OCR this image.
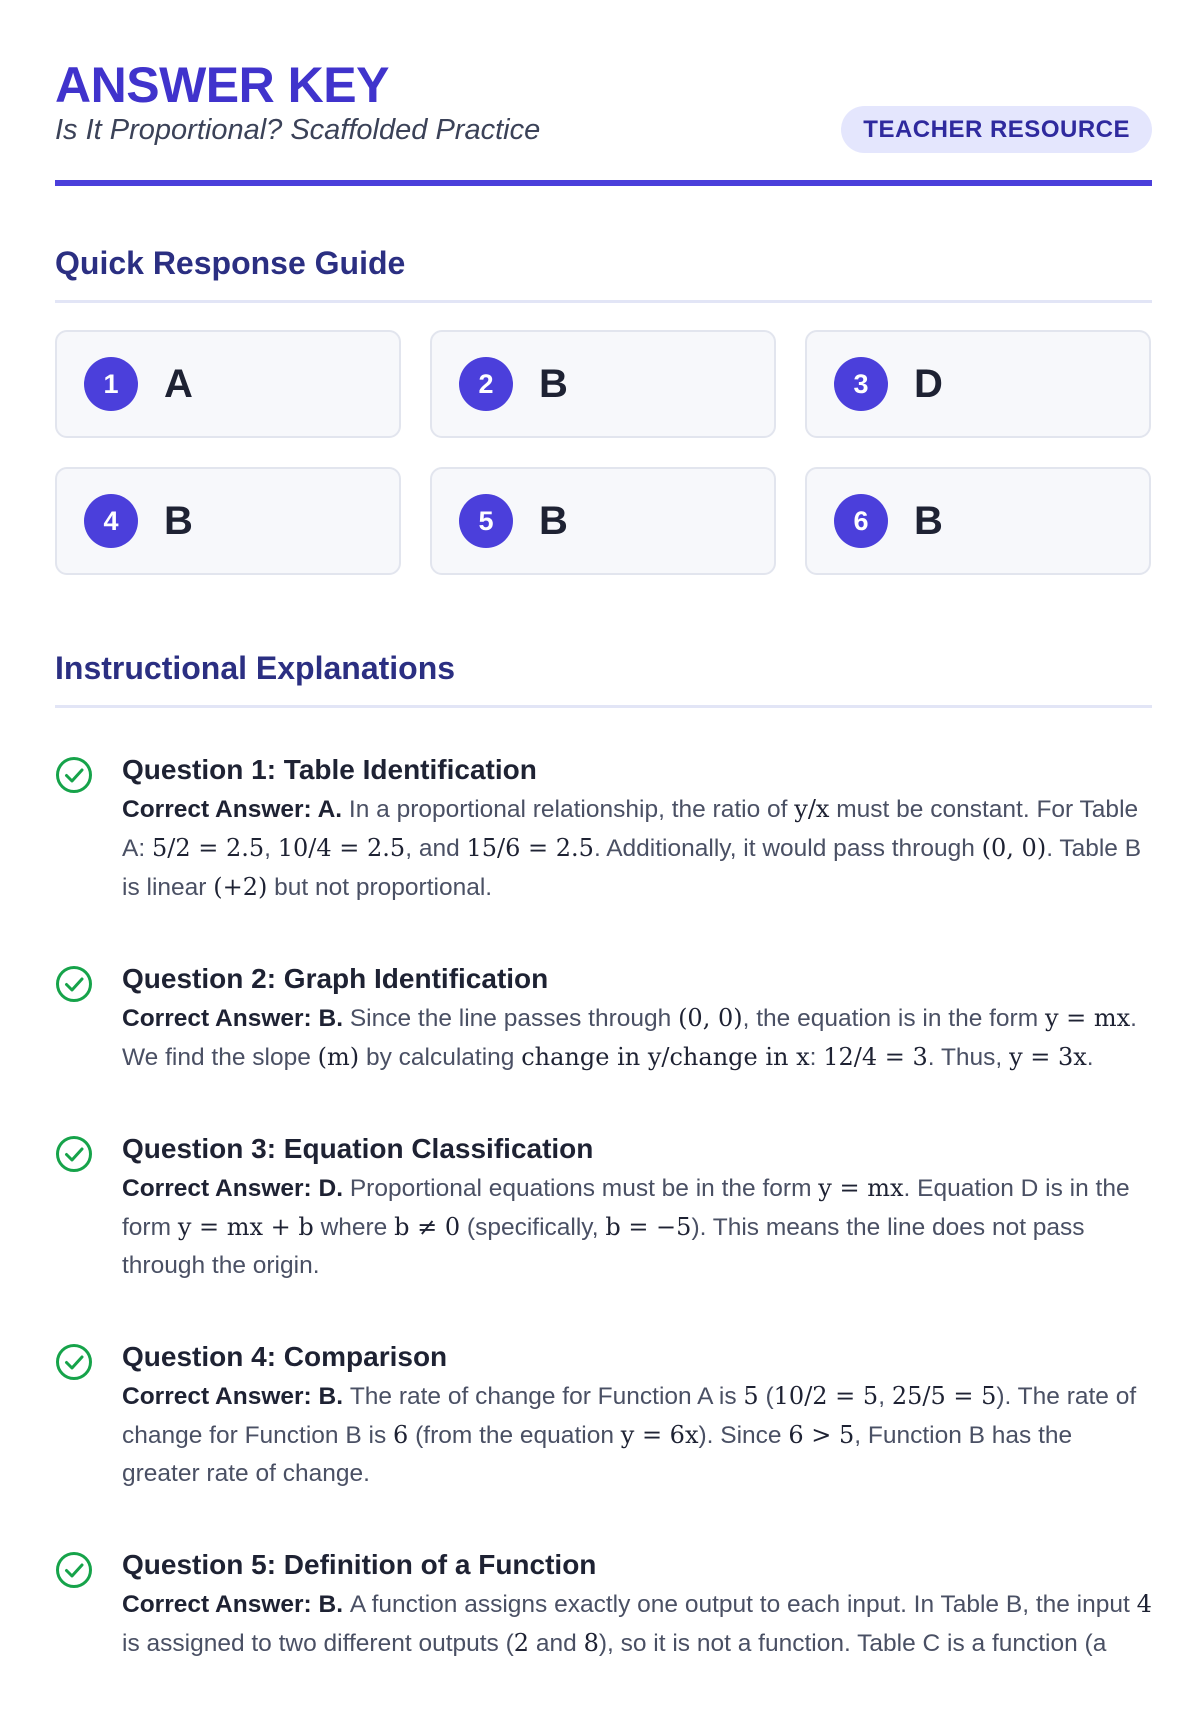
ANSWER KEY
Is It Proportional? Scaffolded Practice	TEACHER RESOURCE
Quick Response Guide
1	A	2	B	3	D
4	B	5	B	6	B
Instructional Explanations
Question 1: Table Identification
Correct Answer: A. In a proportional relationship, the ratio of y/x must be constant. For Table A: 5/2 = 2.5, 10/4 = 2.5, and 15/6 = 2.5. Additionally, it would pass through (0, 0). Table B is linear (+2) but not proportional.
Question 2: Graph Identification
Correct Answer: B. Since the line passes through (0, 0), the equation is in the form y = mx. We find the slope (m) by calculating change in y/change in x: 12/4 = 3. Thus, y = 3x.
Question 3: Equation Classification
Correct Answer: D. Proportional equations must be in the form y = mx. Equation D is in the form y = mx + b where b ≠ 0 (specifically, b = −5). This means the line does not pass through the origin.
Question 4: Comparison
Correct Answer: B. The rate of change for Function A is 5 (10/2 = 5, 25/5 = 5). The rate of change for Function B is 6 (from the equation y = 6x). Since 6 > 5, Function B has the greater rate of change.
Question 5: Definition of a Function
Correct Answer: B. A function assigns exactly one output to each input. In Table B, the input 4 is assigned to two different outputs (2 and 8), so it is not a function. Table C is a function (a
